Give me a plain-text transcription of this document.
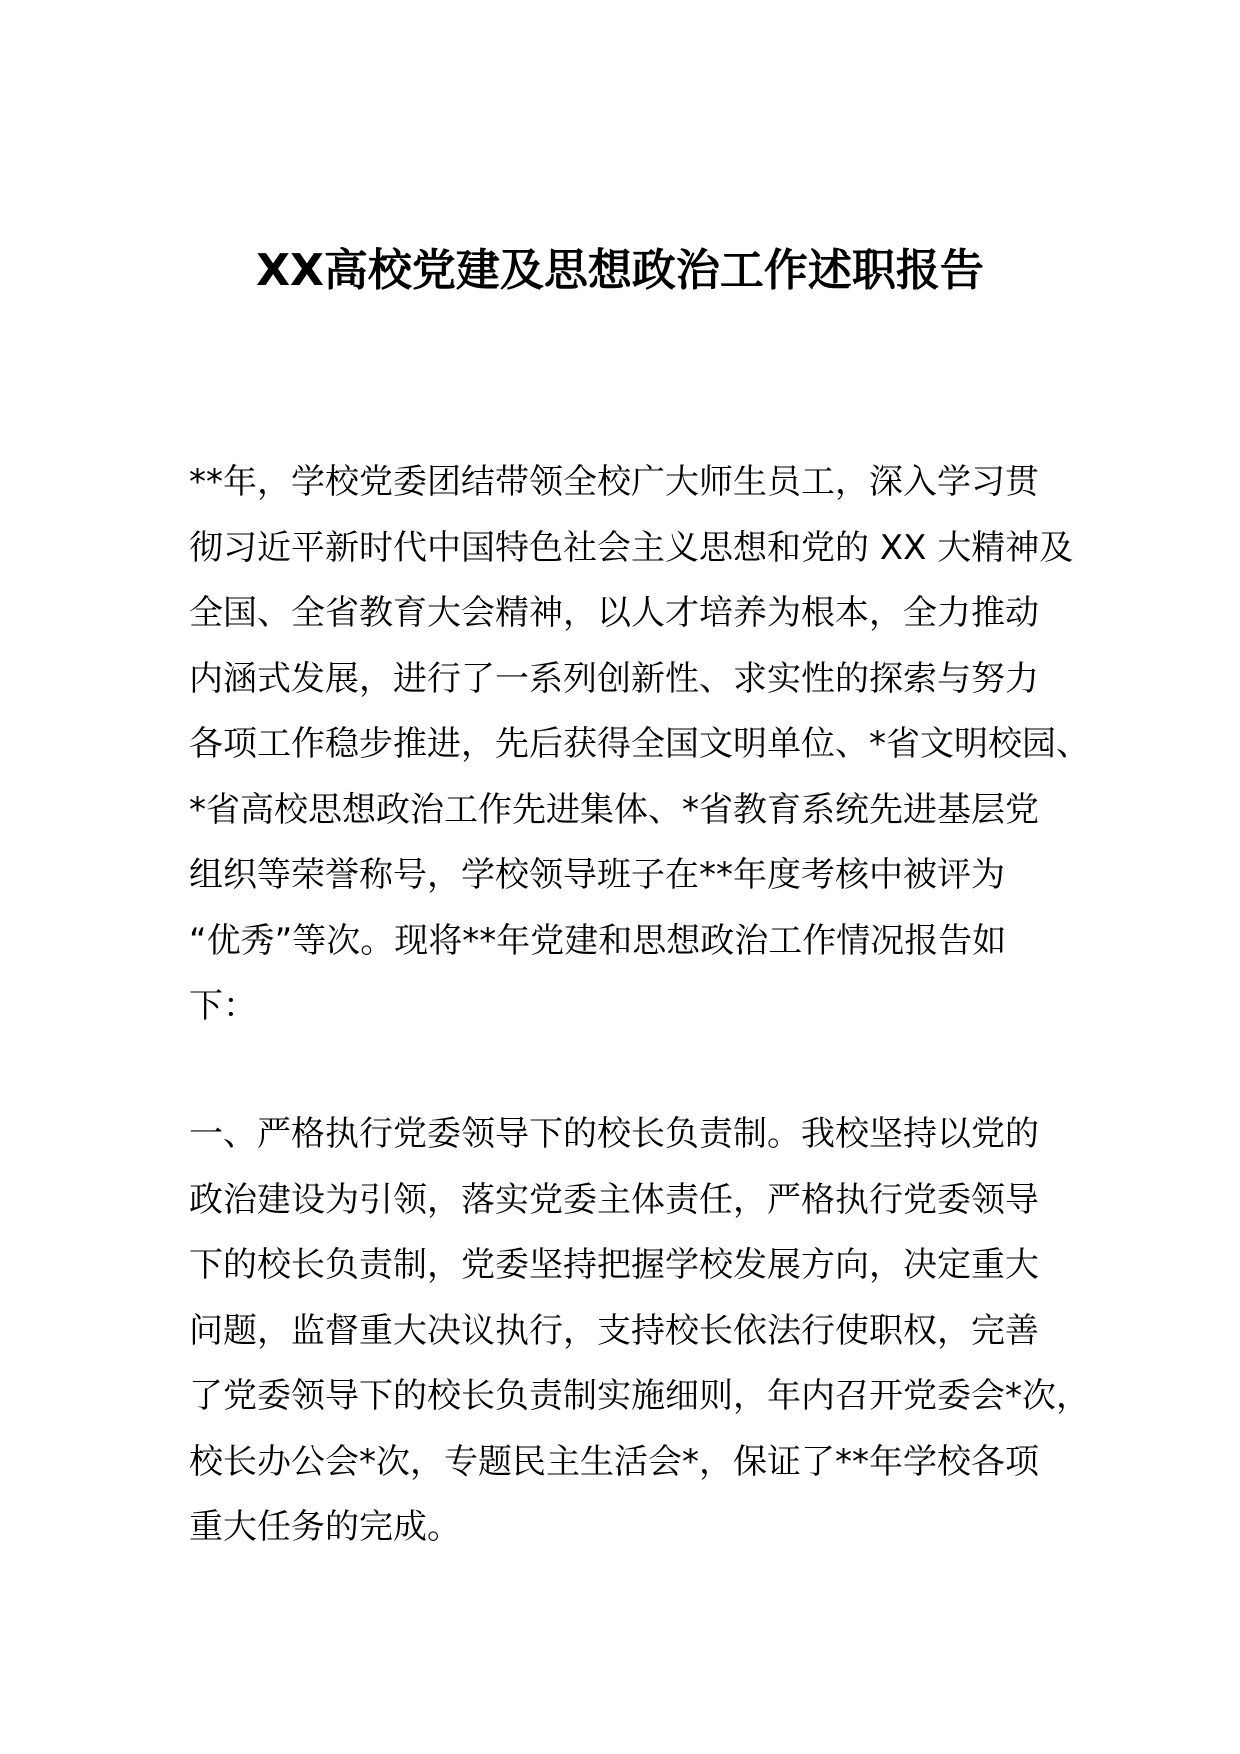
XX高校党建及思想政治工作述职报告
**年，学校党委团结带领全校广大师生员工，深入学习贯
彻习近平新时代中国特色社会主义思想和党的 XX 大精神及
全国、全省教育大会精神，以人才培养为根本，全力推动
内涵式发展，进行了一系列创新性、求实性的探索与努力
各项工作稳步推进，先后获得全国文明单位、*省文明校园、
*省高校思想政治工作先进集体、*省教育系统先进基层党
组织等荣誉称号，学校领导班子在**年度考核中被评为
“优秀”等次。现将**年党建和思想政治工作情况报告如
下：
一、严格执行党委领导下的校长负责制。我校坚持以党的
政治建设为引领，落实党委主体责任，严格执行党委领导
下的校长负责制，党委坚持把握学校发展方向，决定重大
问题，监督重大决议执行，支持校长依法行使职权，完善
了党委领导下的校长负责制实施细则，年内召开党委会*次，
校长办公会*次，专题民主生活会*，保证了**年学校各项
重大任务的完成。
